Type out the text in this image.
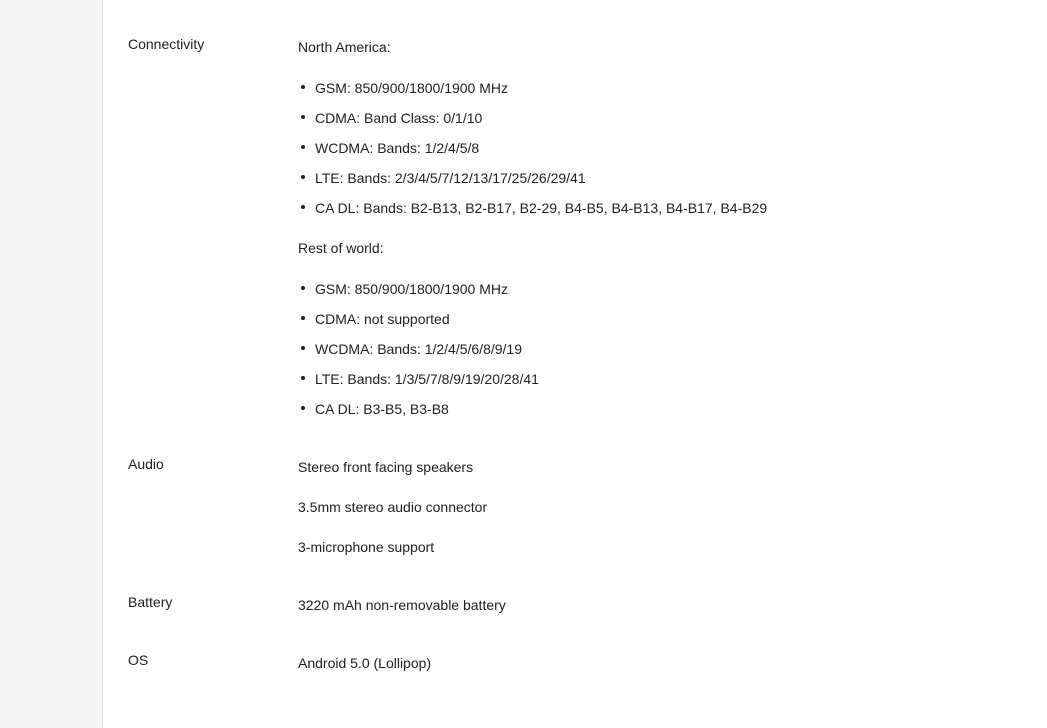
Connectivity	North America:
GSM: 850/900/1800/1900 MHz
CDMA: Band Class: 0/1/10
WCDMA: Bands: 1/2/4/5/8
LTE: Bands: 2/3/4/5/7/12/13/17/25/26/29/41
CA DL: Bands: B2-B13, B2-B17, B2-29, B4-B5, B4-B13, B4-B17, B4-B29
Rest of world:
GSM: 850/900/1800/1900 MHz
CDMA: not supported
WCDMA: Bands: 1/2/4/5/6/8/9/19
LTE: Bands: 1/3/5/7/8/9/19/20/28/41
CA DL: B3-B5, B3-B8
Audio	Stereo front facing speakers
3.5mm stereo audio connector
3-microphone support
Battery	3220 mAh non-removable battery
OS	Android 5.0 (Lollipop)
